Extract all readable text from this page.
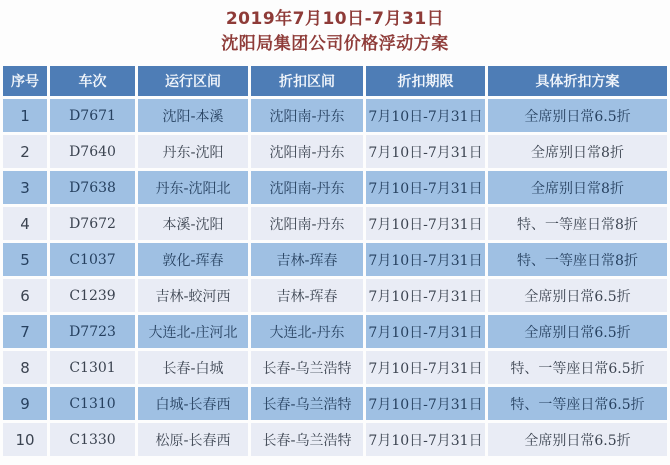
2019年7月10日-7月31日
沈阳局集团公司价格浮动方案
序号	车次	运行区间	折扣区间	折扣期限	具体折扣方案
1	D7671	沈阳-本溪	沈阳南-丹东	7月10日-7月31日	全席别日常6.5折
2	D7640	丹东-沈阳	沈阳南-丹东	7月10日-7月31日	全席别日常8折
3	D7638	丹东-沈阳北	沈阳南-丹东	7月10日-7月31日	全席别日常8折
4	D7672	本溪-沈阳	沈阳南-丹东	7月10日-7月31日	特、一等座日常8折
5	C1037	敦化-珲春	吉林-珲春	7月10日-7月31日	特、一等座日常8折
6	C1239	吉林-蛟河西	吉林-珲春	7月10日-7月31日	全席别日常6.5折
7	D7723	大连北-庄河北	大连北-丹东	7月10日-7月31日	全席别日常6.5折
8	C1301	长春-白城	长春-乌兰浩特	7月10日-7月31日	特、一等座日常6.5折
9	C1310	白城-长春西	长春-乌兰浩特	7月10日-7月31日	特、一等座日常6.5折
10	C1330	松原-长春西	长春-乌兰浩特	7月10日-7月31日	全席别日常6.5折
